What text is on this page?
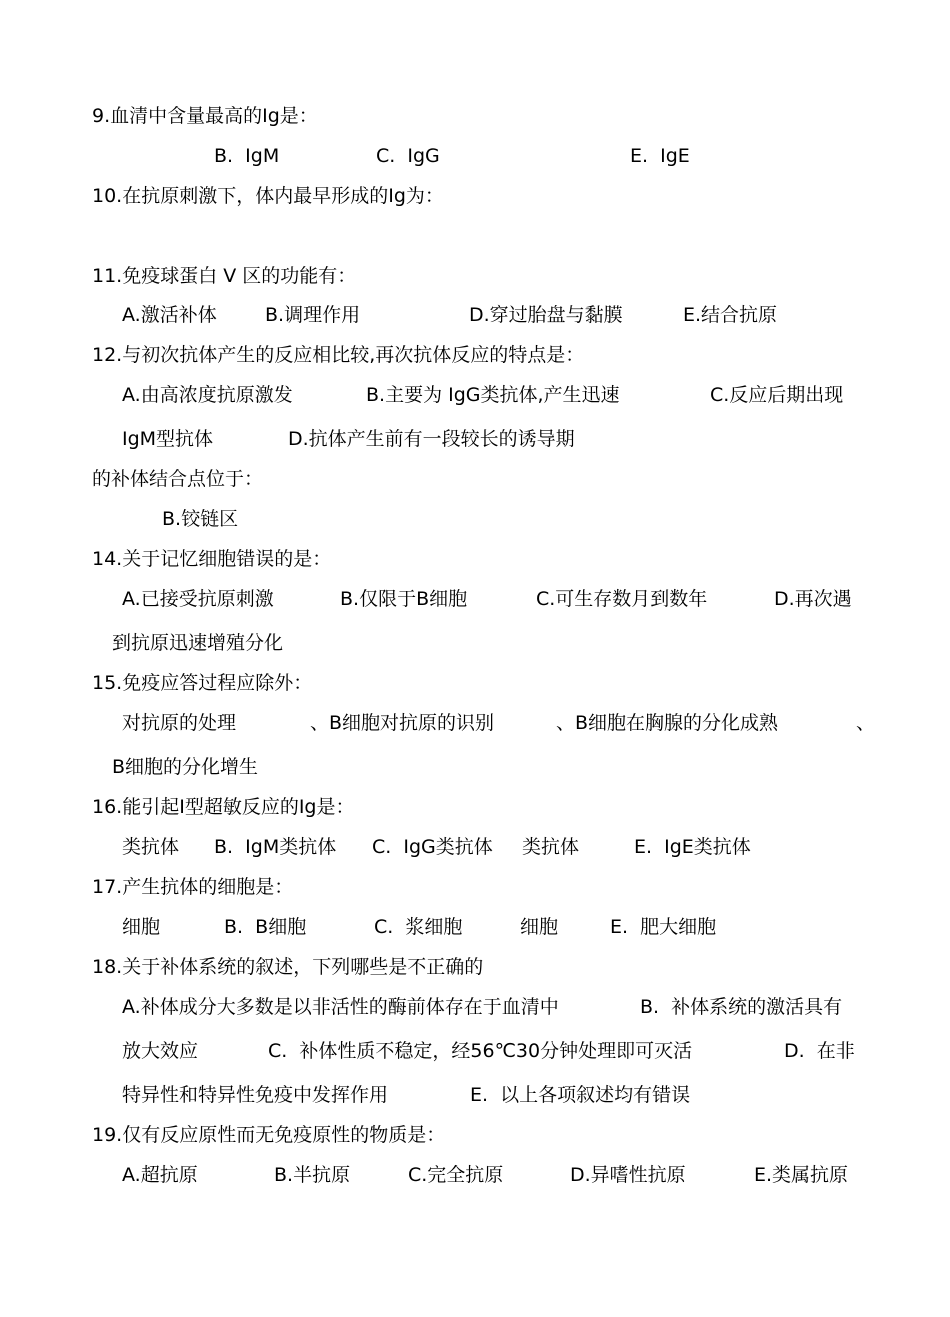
9.血清中含量最高的Ig是：
B.  IgM	C.  IgG	E.  IgE
10.在抗原刺激下，体内最早形成的Ig为：
11.免疫球蛋白 V 区的功能有：
A.激活补体	B.调理作用	D.穿过胎盘与黏膜	E.结合抗原
12.与初次抗体产生的反应相比较,再次抗体反应的特点是：
A.由高浓度抗原激发	B.主要为 IgG类抗体,产生迅速	C.反应后期出现
IgM型抗体	D.抗体产生前有一段较长的诱导期
的补体结合点位于：
B.铰链区
14.关于记忆细胞错误的是：
A.已接受抗原刺激	B.仅限于B细胞	C.可生存数月到数年	D.再次遇
到抗原迅速增殖分化
15.免疫应答过程应除外：
对抗原的处理	、B细胞对抗原的识别	、B细胞在胸腺的分化成熟	、
B细胞的分化增生
16.能引起I型超敏反应的Ig是：
类抗体 B.  IgM类抗体 C.  IgG类抗体 类抗体	E.  IgE类抗体
17.产生抗体的细胞是：
细胞	B.  B细胞	C.  浆细胞	细胞	E.  肥大细胞
18.关于补体系统的叙述，下列哪些是不正确的
A.补体成分大多数是以非活性的酶前体存在于血清中	B.  补体系统的激活具有
放大效应	C.  补体性质不稳定，经56℃30分钟处理即可灭活	D.  在非
特异性和特异性免疫中发挥作用	E.  以上各项叙述均有错误
19.仅有反应原性而无免疫原性的物质是：
A.超抗原	B.半抗原	C.完全抗原	D.异嗜性抗原	E.类属抗原
